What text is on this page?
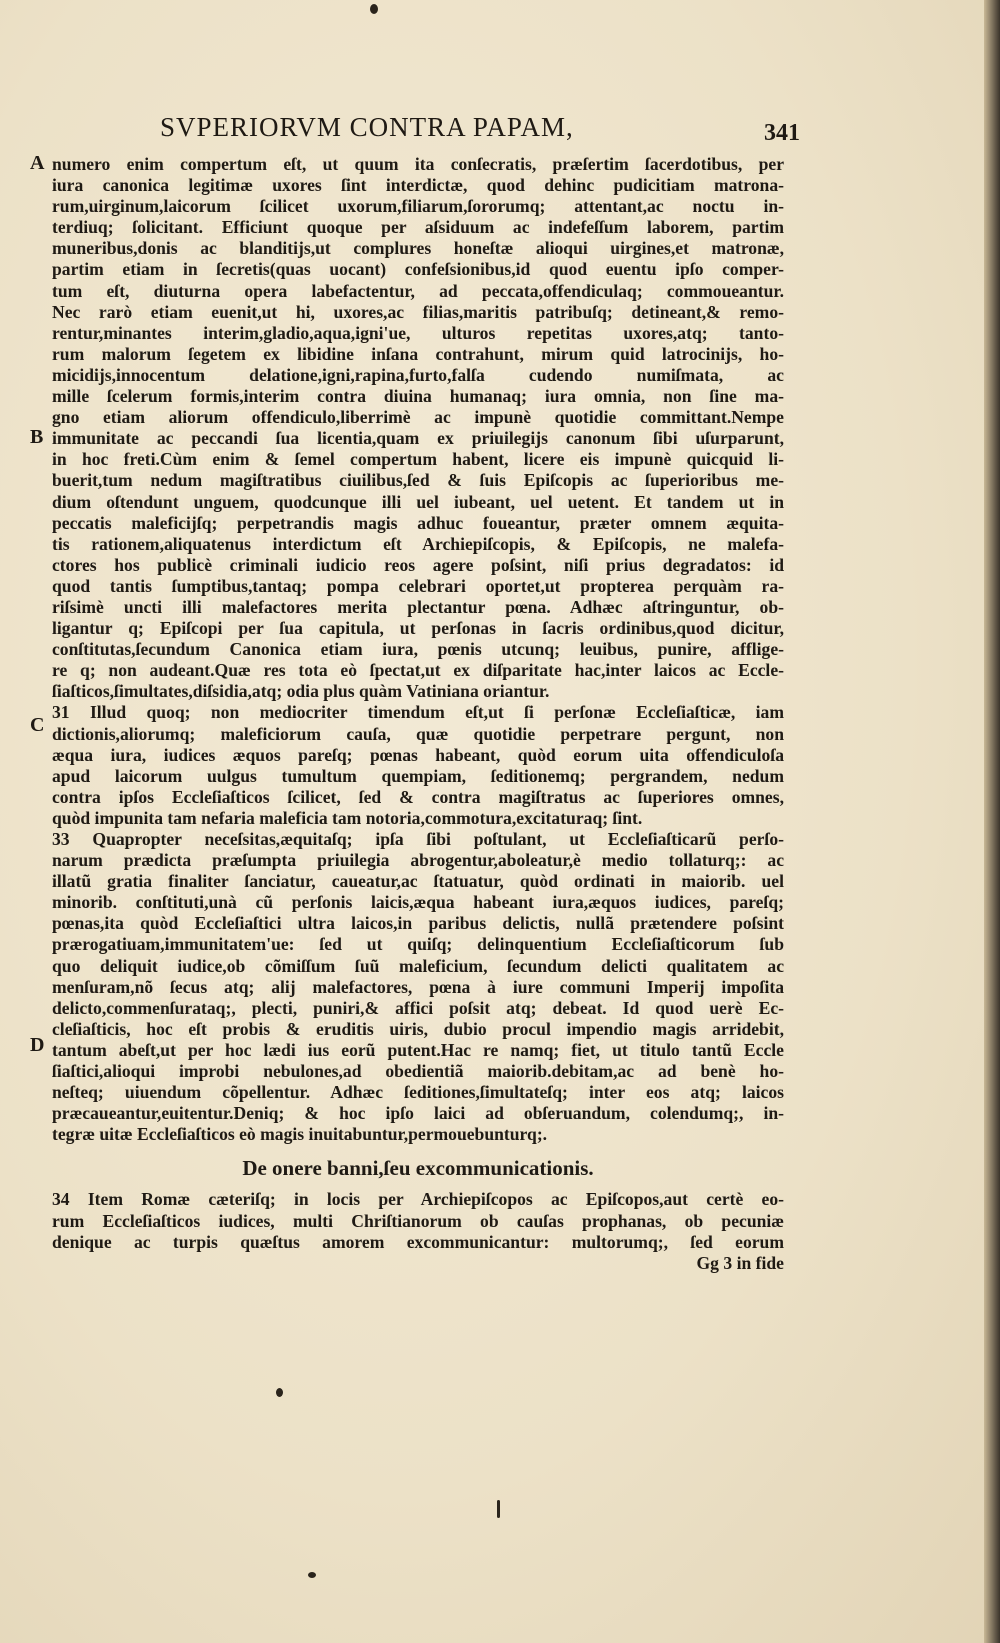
SVPERIORVM CONTRA PAPAM,	341
A
B
C
D
numero enim compertum eſt, ut quum ita conſecratis, præſertim ſacerdotibus, per
iura canonica legitimæ uxores ſint interdictæ, quod dehinc pudicitiam matrona-
rum,uirginum,laicorum ſcilicet uxorum,filiarum,ſororumq; attentant,ac noctu in-
terdiuq; ſolicitant. Efficiunt quoque per aſsiduum ac indefeſſum laborem, partim
muneribus,donis ac blanditijs,ut complures honeſtæ alioqui uirgines,et matronæ,
partim etiam in ſecretis(quas uocant) confeſsionibus,id quod euentu ipſo comper-
tum eſt, diuturna opera labefactentur, ad peccata,offendiculaq; commoueantur.
Nec rarò etiam euenit,ut hi, uxores,ac filias,maritis patribuſq; detineant,& remo-
rentur,minantes interim,gladio,aqua,igni'ue, ulturos repetitas uxores,atq; tanto-
rum malorum ſegetem ex libidine inſana contrahunt, mirum quid latrocinijs, ho-
micidijs,innocentum delatione,igni,rapina,furto,falſa cudendo numiſmata, ac
mille ſcelerum formis,interim contra diuina humanaq; iura omnia, non ſine ma-
gno etiam aliorum offendiculo,liberrimè ac impunè quotidie committant.Nempe
immunitate ac peccandi ſua licentia,quam ex priuilegijs canonum ſibi uſurparunt,
in hoc freti.Cùm enim & ſemel compertum habent, licere eis impunè quicquid li-
buerit,tum nedum magiſtratibus ciuilibus,ſed & ſuis Epiſcopis ac ſuperioribus me-
dium oſtendunt unguem, quodcunque illi uel iubeant, uel uetent. Et tandem ut in
peccatis maleficijſq; perpetrandis magis adhuc foueantur, præter omnem æquita-
tis rationem,aliquatenus interdictum eſt Archiepiſcopis, & Epiſcopis, ne malefa-
ctores hos publicè criminali iudicio reos agere poſsint, niſi prius degradatos: id
quod tantis ſumptibus,tantaq; pompa celebrari oportet,ut propterea perquàm ra-
riſsimè uncti illi malefactores merita plectantur pœna. Adhæc aſtringuntur, ob-
ligantur q; Epiſcopi per ſua capitula, ut perſonas in ſacris ordinibus,quod dicitur,
conſtitutas,ſecundum Canonica etiam iura, pœnis utcunq; leuibus, punire, afflige-
re q; non audeant.Quæ res tota eò ſpectat,ut ex diſparitate hac,inter laicos ac Eccle-
ſiaſticos,ſimultates,diſsidia,atq; odia plus quàm Vatiniana oriantur.
31 Illud quoq; non mediocriter timendum eſt,ut ſi perſonæ Eccleſiaſticæ, iam
dictionis,aliorumq; maleficiorum cauſa, quæ quotidie perpetrare pergunt, non
æqua iura, iudices æquos pareſq; pœnas habeant, quòd eorum uita offendiculoſa
apud laicorum uulgus tumultum quempiam, ſeditionemq; pergrandem, nedum
contra ipſos Eccleſiaſticos ſcilicet, ſed & contra magiſtratus ac ſuperiores omnes,
quòd impunita tam nefaria maleficia tam notoria,commotura,excitaturaq; ſint.
33 Quapropter neceſsitas,æquitaſq; ipſa ſibi poſtulant, ut Eccleſiaſticarũ perſo-
narum prædicta præſumpta priuilegia abrogentur,aboleatur,è medio tollaturq;: ac
illatũ gratia finaliter ſanciatur, caueatur,ac ſtatuatur, quòd ordinati in maiorib. uel
minorib. conſtituti,unà cũ perſonis laicis,æqua habeant iura,æquos iudices, pareſq;
pœnas,ita quòd Eccleſiaſtici ultra laicos,in paribus delictis, nullã prætendere poſsint
prærogatiuam,immunitatem'ue: ſed ut quiſq; delinquentium Eccleſiaſticorum ſub
quo deliquit iudice,ob cõmiſſum ſuũ maleficium, ſecundum delicti qualitatem ac
menſuram,nõ ſecus atq; alij malefactores, pœna à iure communi Imperij impoſita
delicto,commenſurataq;, plecti, puniri,& affici poſsit atq; debeat. Id quod uerè Ec-
cleſiaſticis, hoc eſt probis & eruditis uiris, dubio procul impendio magis arridebit,
tantum abeſt,ut per hoc lædi ius eorũ putent.Hac re namq; fiet, ut titulo tantũ Eccle
ſiaſtici,alioqui improbi nebulones,ad obedientiã maiorib.debitam,ac ad benè ho-
neſteq; uiuendum cõpellentur. Adhæc ſeditiones,ſimultateſq; inter eos atq; laicos
præcaueantur,euitentur.Deniq; & hoc ipſo laici ad obſeruandum, colendumq;, in-
tegræ uitæ Eccleſiaſticos eò magis inuitabuntur,permouebunturq;.
De onere banni,ſeu excommunicationis.
34 Item Romæ cæteriſq; in locis per Archiepiſcopos ac Epiſcopos,aut certè eo-
rum Eccleſiaſticos iudices, multi Chriſtianorum ob cauſas prophanas, ob pecuniæ
denique ac turpis quæſtus amorem excommunicantur: multorumq;, ſed eorum
Gg 3 in fide
